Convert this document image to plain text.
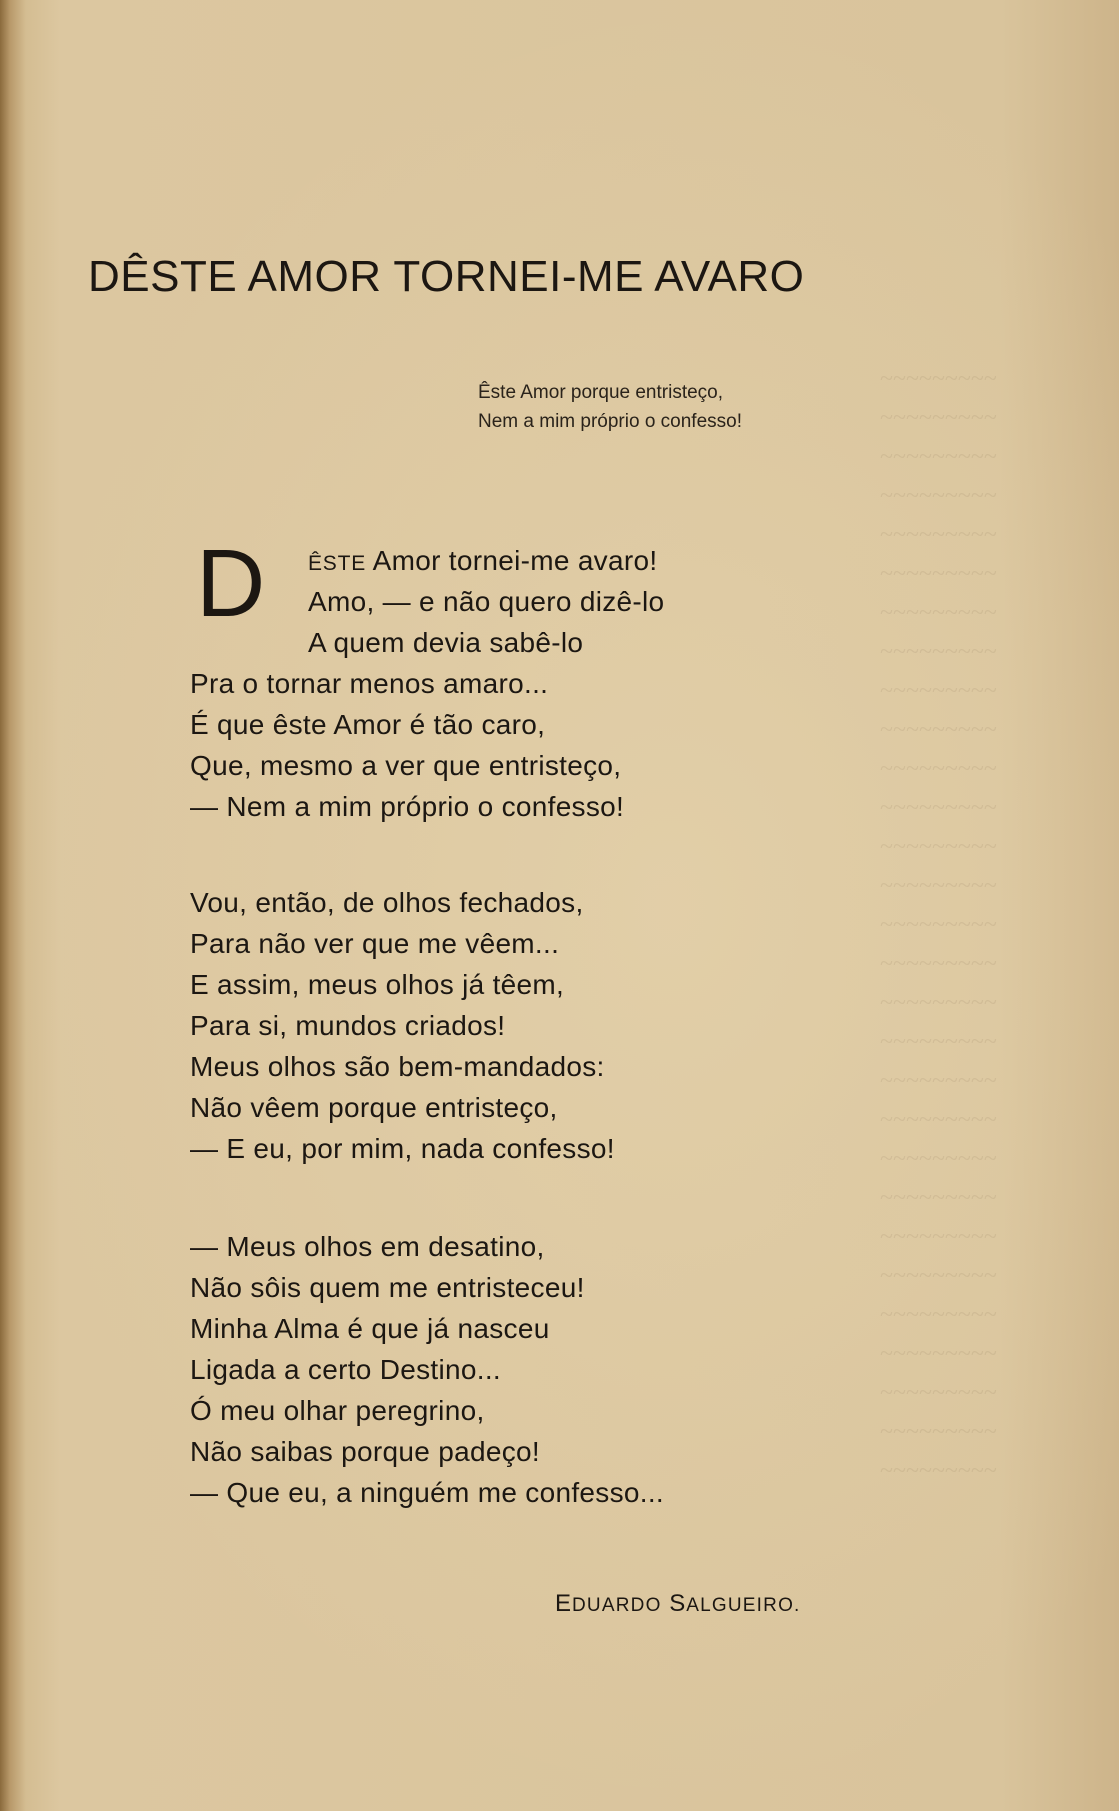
~~~~~~~~~
~~~~~~~~~
~~~~~~~~~
~~~~~~~~~
~~~~~~~~~
~~~~~~~~~
~~~~~~~~~
~~~~~~~~~
~~~~~~~~~
~~~~~~~~~
~~~~~~~~~
~~~~~~~~~
~~~~~~~~~
~~~~~~~~~
~~~~~~~~~
~~~~~~~~~
~~~~~~~~~
~~~~~~~~~
~~~~~~~~~
~~~~~~~~~
~~~~~~~~~
~~~~~~~~~
~~~~~~~~~
~~~~~~~~~
~~~~~~~~~
~~~~~~~~~
~~~~~~~~~
~~~~~~~~~
~~~~~~~~~
DÊSTE AMOR TORNEI-ME AVARO
Êste Amor porque entristeço,
Nem a mim próprio o confesso!
D	ÊSTE Amor tornei-me avaro!
Amo, — e não quero dizê-lo
A quem devia sabê-lo
Pra o tornar menos amaro...
É que êste Amor é tão caro,
Que, mesmo a ver que entristeço,
— Nem a mim próprio o confesso!
Vou, então, de olhos fechados,
Para não ver que me vêem...
E assim, meus olhos já têem,
Para si, mundos criados!
Meus olhos são bem-mandados:
Não vêem porque entristeço,
— E eu, por mim, nada confesso!
— Meus olhos em desatino,
Não sôis quem me entristeceu!
Minha Alma é que já nasceu
Ligada a certo Destino...
Ó meu olhar peregrino,
Não saibas porque padeço!
— Que eu, a ninguém me confesso...
EDUARDO SALGUEIRO.
